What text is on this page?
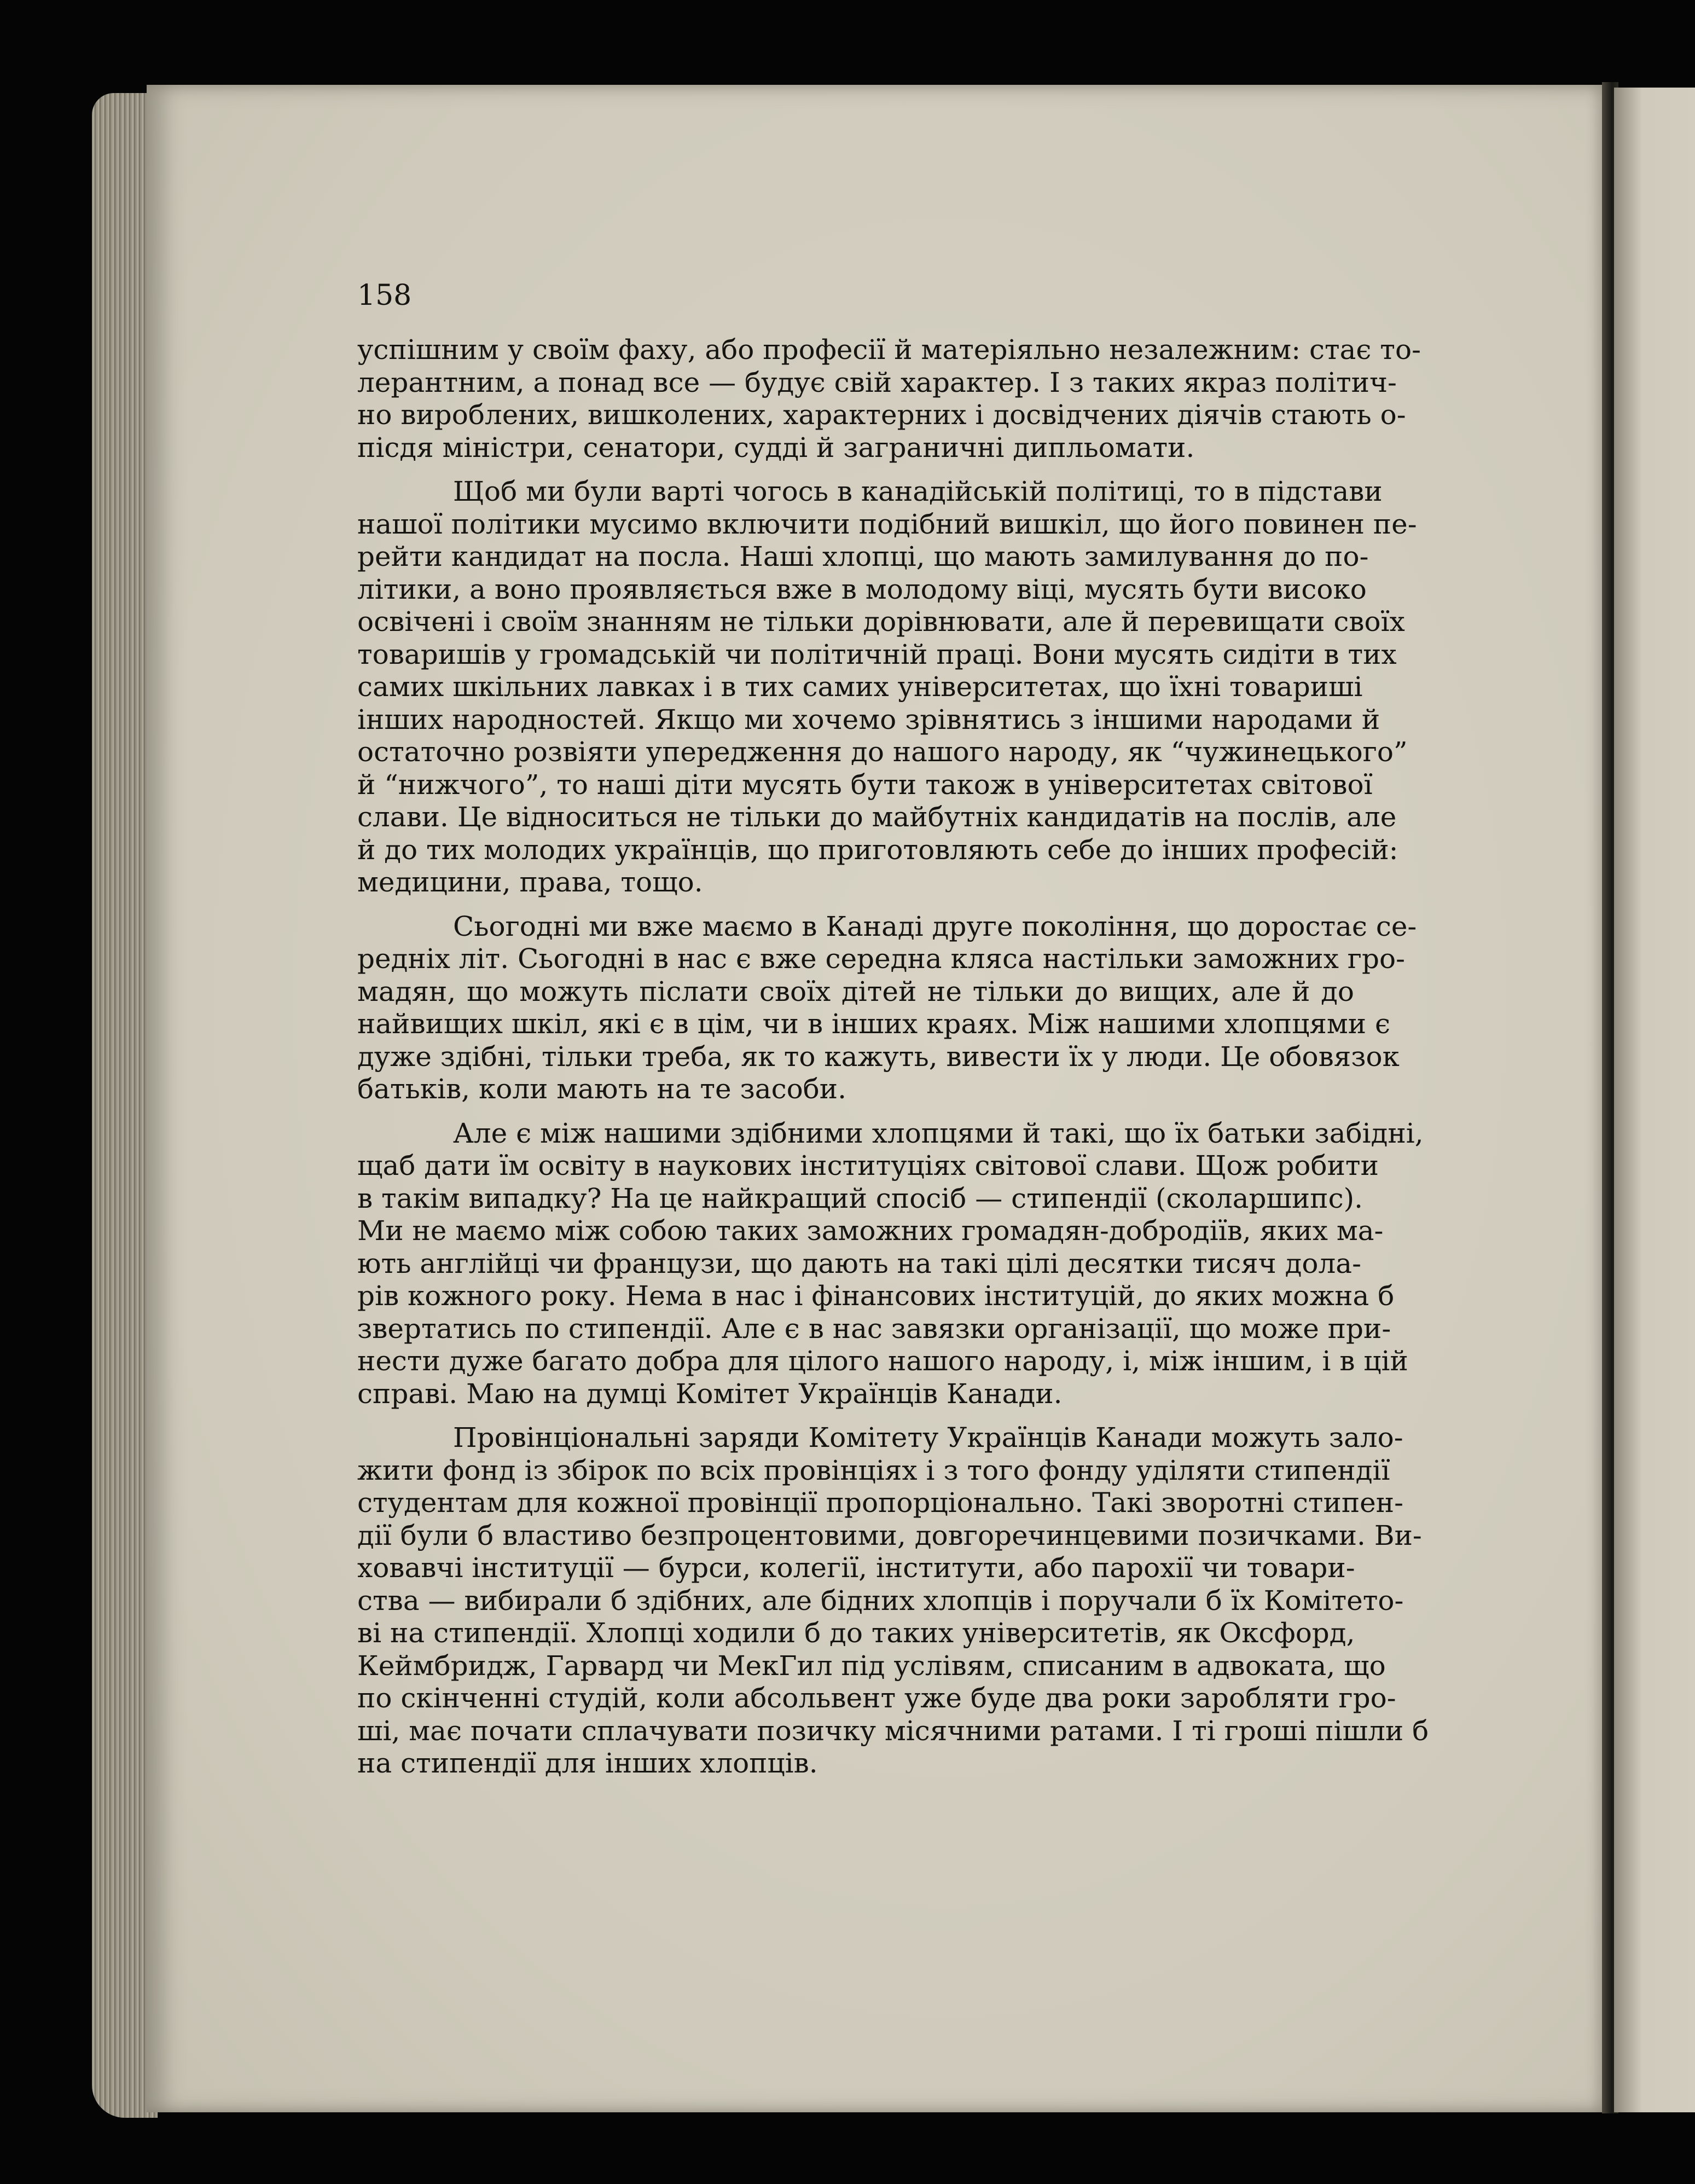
158
успішним у своїм фаху, або професії й матеріяльно незалежним: стає то-
лерантним, а понад все — будує свій характер. І з таких якраз політич-
но вироблених, вишколених, характерних і досвідчених діячів стають о-
пісдя міністри, сенатори, судді й заграничні дипльомати.
Щоб ми були варті чогось в канадійській політиці, то в підстави
нашої політики мусимо включити подібний вишкіл, що його повинен пе-
рейти кандидат на посла. Наші хлопці, що мають замилування до по-
літики, а воно проявляється вже в молодому віці, мусять бути високо
освічені і своїм знанням не тільки дорівнювати, але й перевищати своїх
товаришів у громадській чи політичній праці. Вони мусять сидіти в тих
самих шкільних лавках і в тих самих університетах, що їхні товариші
інших народностей. Якщо ми хочемо зрівнятись з іншими народами й
остаточно розвіяти упередження до нашого народу, як “чужинецького”
й “нижчого”, то наші діти мусять бути також в університетах світової
слави. Це відноситься не тільки до майбутніх кандидатів на послів, але
й до тих молодих українців, що приготовляють себе до інших професій:
медицини, права, тощо.
Сьогодні ми вже маємо в Канаді друге покоління, що доростає се-
редніх літ. Сьогодні в нас є вже середна кляса настільки заможних гро-
мадян, що можуть післати своїх дітей не тільки до вищих, але й до
найвищих шкіл, які є в цім, чи в інших краях. Між нашими хлопцями є
дуже здібні, тільки треба, як то кажуть, вивести їх у люди. Це обовязок
батьків, коли мають на те засоби.
Але є між нашими здібними хлопцями й такі, що їх батьки забідні,
щаб дати їм освіту в наукових інституціях світової слави. Щож робити
в такім випадку? На це найкращий спосіб — стипендії (сколаршипс).
Ми не маємо між собою таких заможних громадян-добродіїв, яких ма-
ють англійці чи французи, що дають на такі цілі десятки тисяч дола-
рів кожного року. Нема в нас і фінансових інституцій, до яких можна б
звертатись по стипендії. Але є в нас завязки організації, що може при-
нести дуже багато добра для цілого нашого народу, і, між іншим, і в цій
справі. Маю на думці Комітет Українців Канади.
Провінціональні заряди Комітету Українців Канади можуть зало-
жити фонд із збірок по всіх провінціях і з того фонду уділяти стипендії
студентам для кожної провінції пропорціонально. Такі зворотні стипен-
дії були б властиво безпроцентовими, довгоречинцевими позичками. Ви-
ховавчі інституції — бурси, колегії, інститути, або парохії чи товари-
ства — вибирали б здібних, але бідних хлопців і поручали б їх Комітето-
ві на стипендії. Хлопці ходили б до таких університетів, як Оксфорд,
Кеймбридж, Гарвард чи МекГил під услівям, списаним в адвоката, що
по скінченні студій, коли абсольвент уже буде два роки заробляти гро-
ші, має почати сплачувати позичку місячними ратами. І ті гроші пішли б
на стипендії для інших хлопців.
